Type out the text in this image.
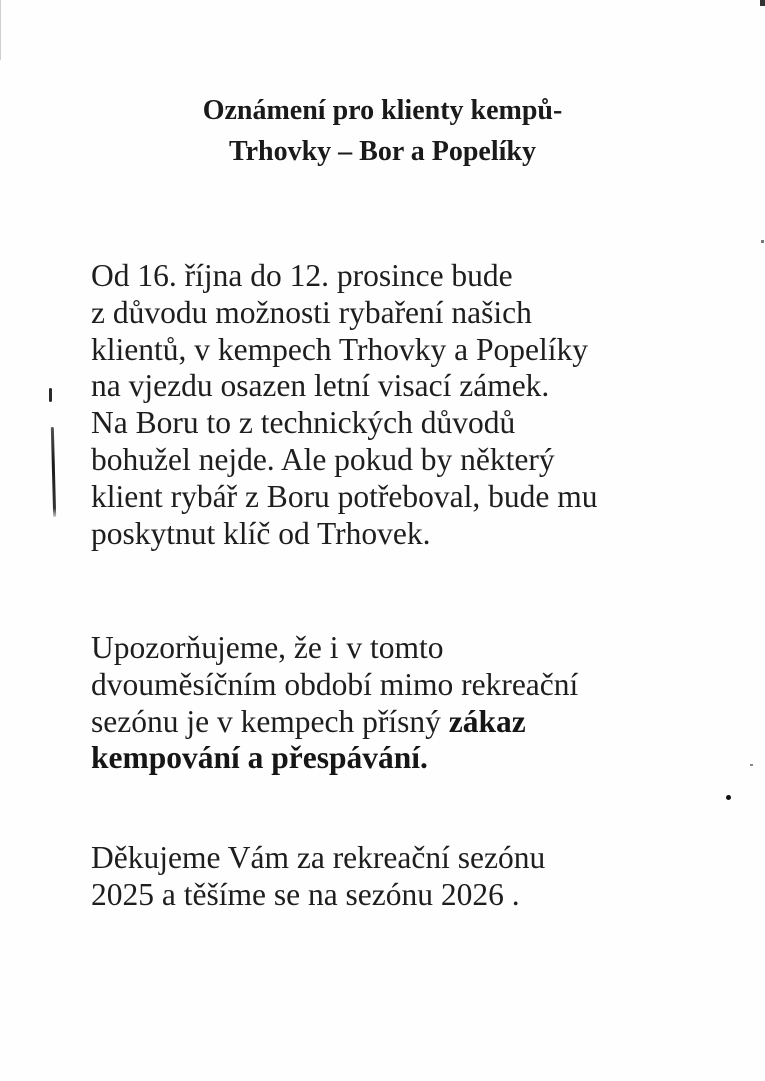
Oznámení pro klienty kempů-
Trhovky – Bor a Popelíky

Od 16. října do 12. prosince bude
z důvodu možnosti rybaření našich
klientů, v kempech Trhovky a Popelíky
na vjezdu osazen letní visací zámek.
Na Boru to z technických důvodů
bohužel nejde. Ale pokud by některý
klient rybář z Boru potřeboval, bude mu
poskytnut klíč od Trhovek.

Upozorňujeme, že i v tomto
dvouměsíčním období mimo rekreační
sezónu je v kempech přísný zákaz
kempování a přespávání.

Děkujeme Vám za rekreační sezónu
2025 a těšíme se na sezónu 2026 .
